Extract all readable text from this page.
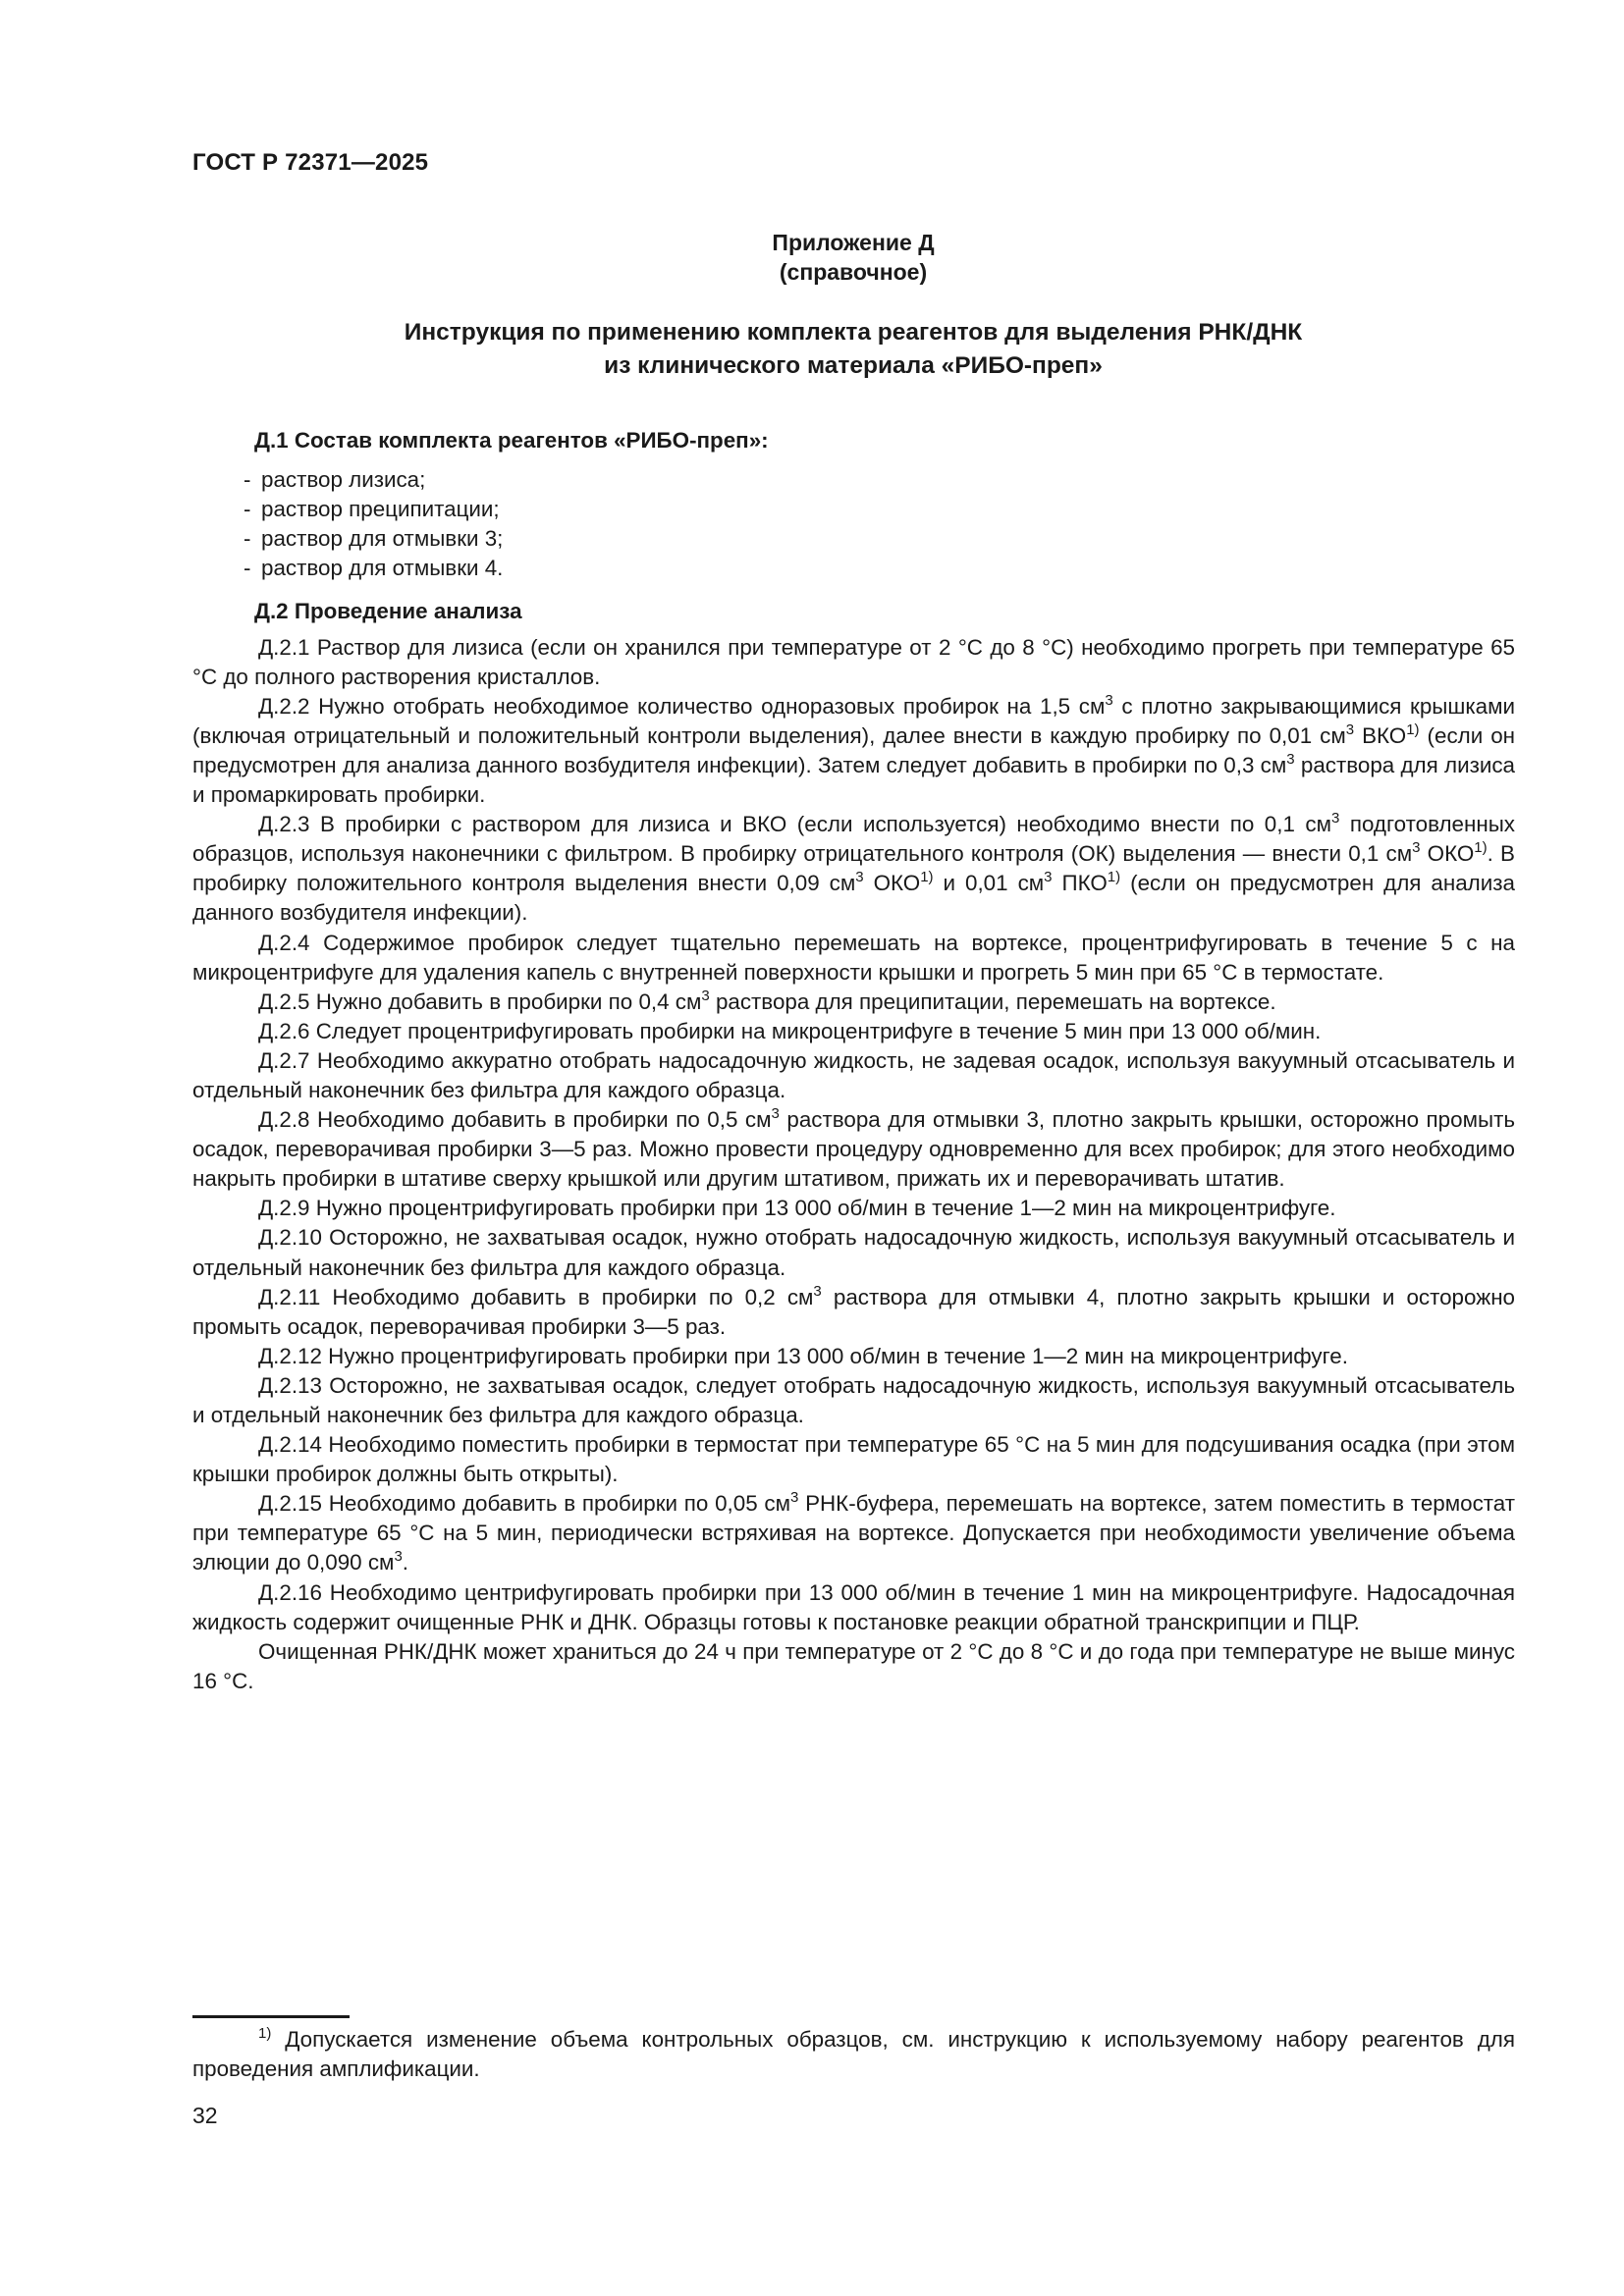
ГОСТ Р 72371—2025
Приложение Д
(справочное)
Инструкция по применению комплекта реагентов для выделения РНК/ДНК
из клинического материала «РИБО-преп»
Д.1 Состав комплекта реагентов «РИБО-преп»:
- раствор лизиса;
- раствор преципитации;
- раствор для отмывки 3;
- раствор для отмывки 4.
Д.2 Проведение анализа

Д.2.1 Раствор для лизиса (если он хранился при температуре от 2 °С до 8 °С) необходимо прогреть при температуре 65 °С до полного растворения кристаллов.

Д.2.2 Нужно отобрать необходимое количество одноразовых пробирок на 1,5 $см^3$ с плотно закрывающимися крышками (включая отрицательный и положительный контроли выделения), далее внести в каждую пробирку по 0,01 $см^3$ ВКО$^{1)}$ (если он предусмотрен для анализа данного возбудителя инфекции). Затем следует добавить в пробирки по 0,3 $см^3$ раствора для лизиса и промаркировать пробирки.

Д.2.3 В пробирки с раствором для лизиса и ВКО (если используется) необходимо внести по 0,1 $см^3$ подготовленных образцов, используя наконечники с фильтром. В пробирку отрицательного контроля (ОК) выделения — внести 0,1 $см^3$ ОКО$^{1)}$. В пробирку положительного контроля выделения внести 0,09 $см^3$ ОКО$^{1)}$ и 0,01 $см^3$ ПКО$^{1)}$ (если он предусмотрен для анализа данного возбудителя инфекции).

Д.2.4 Содержимое пробирок следует тщательно перемешать на вортексе, процентрифугировать в течение 5 с на микроцентрифуге для удаления капель с внутренней поверхности крышки и прогреть 5 мин при 65 °С в термостате.

Д.2.5 Нужно добавить в пробирки по 0,4 $см^3$ раствора для преципитации, перемешать на вортексе.

Д.2.6 Следует процентрифугировать пробирки на микроцентрифуге в течение 5 мин при 13 000 об/мин.

Д.2.7 Необходимо аккуратно отобрать надосадочную жидкость, не задевая осадок, используя вакуумный отсасыватель и отдельный наконечник без фильтра для каждого образца.

Д.2.8 Необходимо добавить в пробирки по 0,5 $см^3$ раствора для отмывки 3, плотно закрыть крышки, осторожно промыть осадок, переворачивая пробирки 3—5 раз. Можно провести процедуру одновременно для всех пробирок; для этого необходимо накрыть пробирки в штативе сверху крышкой или другим штативом, прижать их и переворачивать штатив.

Д.2.9 Нужно процентрифугировать пробирки при 13 000 об/мин в течение 1—2 мин на микроцентрифуге.

Д.2.10 Осторожно, не захватывая осадок, нужно отобрать надосадочную жидкость, используя вакуумный отсасыватель и отдельный наконечник без фильтра для каждого образца.

Д.2.11 Необходимо добавить в пробирки по 0,2 $см^3$ раствора для отмывки 4, плотно закрыть крышки и осторожно промыть осадок, переворачивая пробирки 3—5 раз.

Д.2.12 Нужно процентрифугировать пробирки при 13 000 об/мин в течение 1—2 мин на микроцентрифуге.

Д.2.13 Осторожно, не захватывая осадок, следует отобрать надосадочную жидкость, используя вакуумный отсасыватель и отдельный наконечник без фильтра для каждого образца.

Д.2.14 Необходимо поместить пробирки в термостат при температуре 65 °С на 5 мин для подсушивания осадка (при этом крышки пробирок должны быть открыты).

Д.2.15 Необходимо добавить в пробирки по 0,05 $см^3$ РНК-буфера, перемешать на вортексе, затем поместить в термостат при температуре 65 °С на 5 мин, периодически встряхивая на вортексе. Допускается при необходимости увеличение объема элюции до 0,090 $см^3$.

Д.2.16 Необходимо центрифугировать пробирки при 13 000 об/мин в течение 1 мин на микроцентрифуге. Надосадочная жидкость содержит очищенные РНК и ДНК. Образцы готовы к постановке реакции обратной транскрипции и ПЦР.

Очищенная РНК/ДНК может храниться до 24 ч при температуре от 2 °С до 8 °С и до года при температуре не выше минус 16 °С.

$^{1)}$ Допускается изменение объема контрольных образцов, см. инструкцию к используемому набору реагентов для проведения амплификации.

32
